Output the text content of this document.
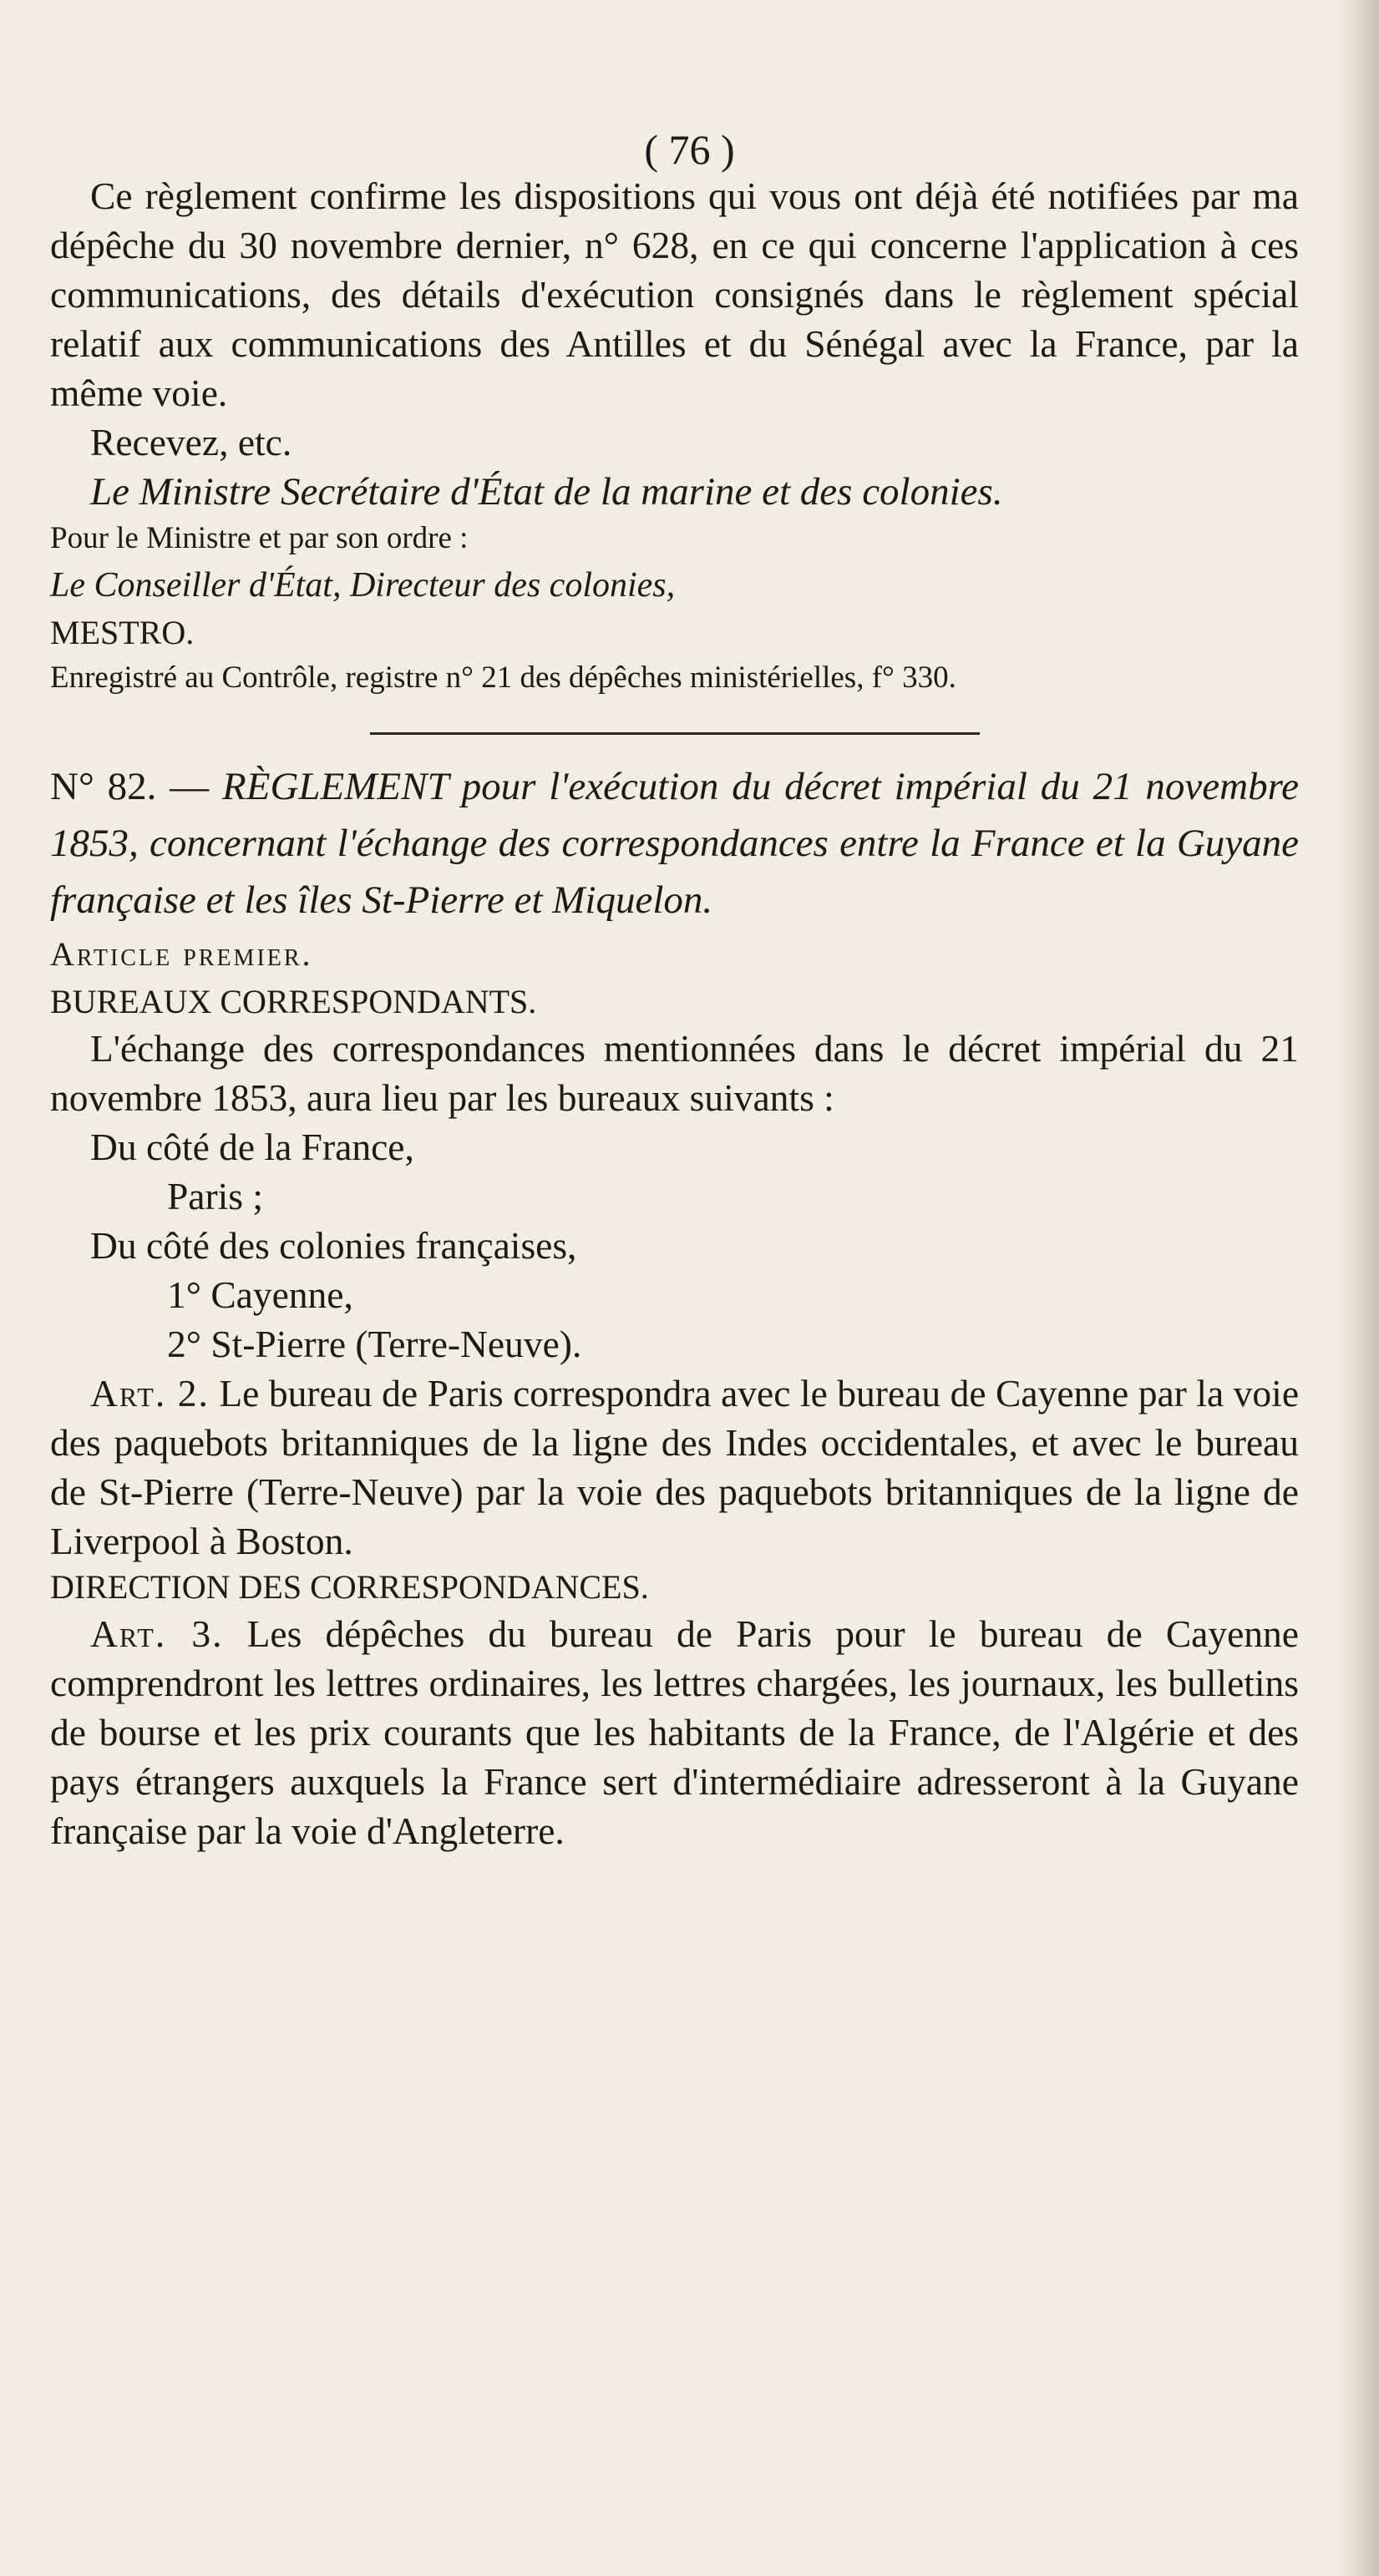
( 76 )

Ce règlement confirme les dispositions qui vous ont déjà été notifiées par ma dépêche du 30 novembre dernier, n° 628, en ce qui concerne l'application à ces communications, des détails d'exécution consignés dans le règlement spécial relatif aux communications des Antilles et du Sénégal avec la France, par la même voie.

Recevez, etc.

Le Ministre Secrétaire d'État de la marine et des colonies.

Pour le Ministre et par son ordre :

Le Conseiller d'État, Directeur des colonies,

MESTRO.

Enregistré au Contrôle, registre n° 21 des dépêches ministérielles, f° 330.

N° 82. — RÈGLEMENT pour l'exécution du décret impérial du 21 novembre 1853, concernant l'échange des correspondances entre la France et la Guyane française et les îles St-Pierre et Miquelon.

Article premier.

BUREAUX CORRESPONDANTS.

L'échange des correspondances mentionnées dans le décret impérial du 21 novembre 1853, aura lieu par les bureaux suivants :

Du côté de la France,

Paris ;

Du côté des colonies françaises,

1° Cayenne,

2° St-Pierre (Terre-Neuve).

Art. 2. Le bureau de Paris correspondra avec le bureau de Cayenne par la voie des paquebots britanniques de la ligne des Indes occidentales, et avec le bureau de St-Pierre (Terre-Neuve) par la voie des paquebots britanniques de la ligne de Liverpool à Boston.

DIRECTION DES CORRESPONDANCES.

Art. 3. Les dépêches du bureau de Paris pour le bureau de Cayenne comprendront les lettres ordinaires, les lettres chargées, les journaux, les bulletins de bourse et les prix courants que les habitants de la France, de l'Algérie et des pays étrangers auxquels la France sert d'intermédiaire adresseront à la Guyane française par la voie d'Angleterre.
